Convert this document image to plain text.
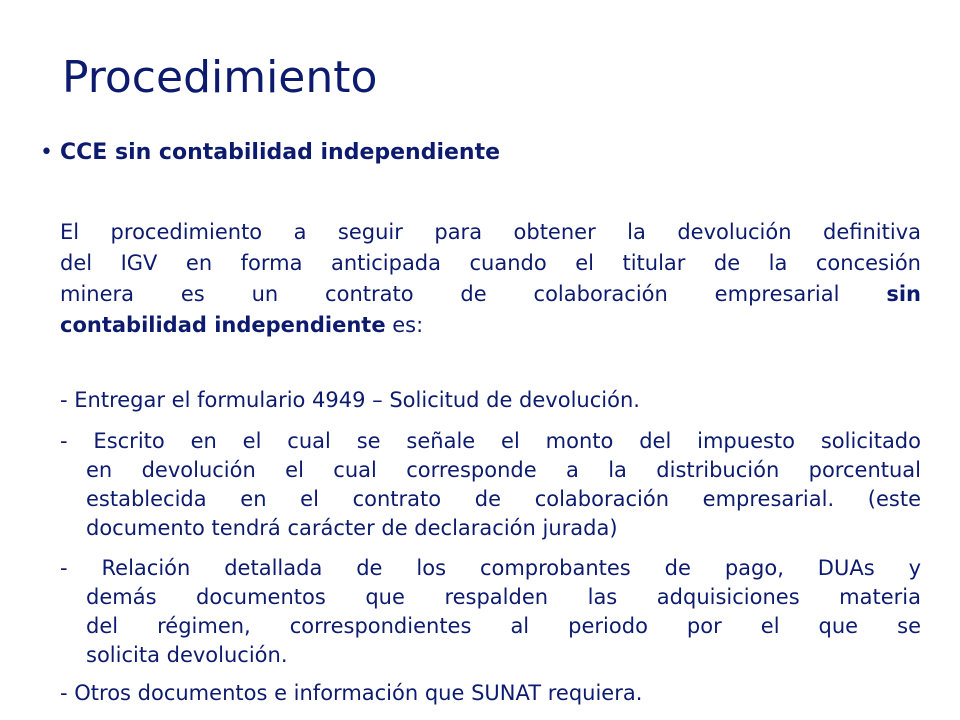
Procedimiento
• CCE sin contabilidad independiente
El procedimiento a seguir para obtener la devolución definitiva
del IGV en forma anticipada cuando el titular de la concesión
minera es un contrato de colaboración empresarial sin
contabilidad independiente es:
- Entregar el formulario 4949 – Solicitud de devolución.
- Escrito en el cual se señale el monto del impuesto solicitado
en devolución el cual corresponde a la distribución porcentual
establecida en el contrato de colaboración empresarial. (este
documento tendrá carácter de declaración jurada)
- Relación detallada de los comprobantes de pago, DUAs y
demás documentos que respalden las adquisiciones materia
del régimen, correspondientes al periodo por el que se
solicita devolución.
- Otros documentos e información que SUNAT requiera.
